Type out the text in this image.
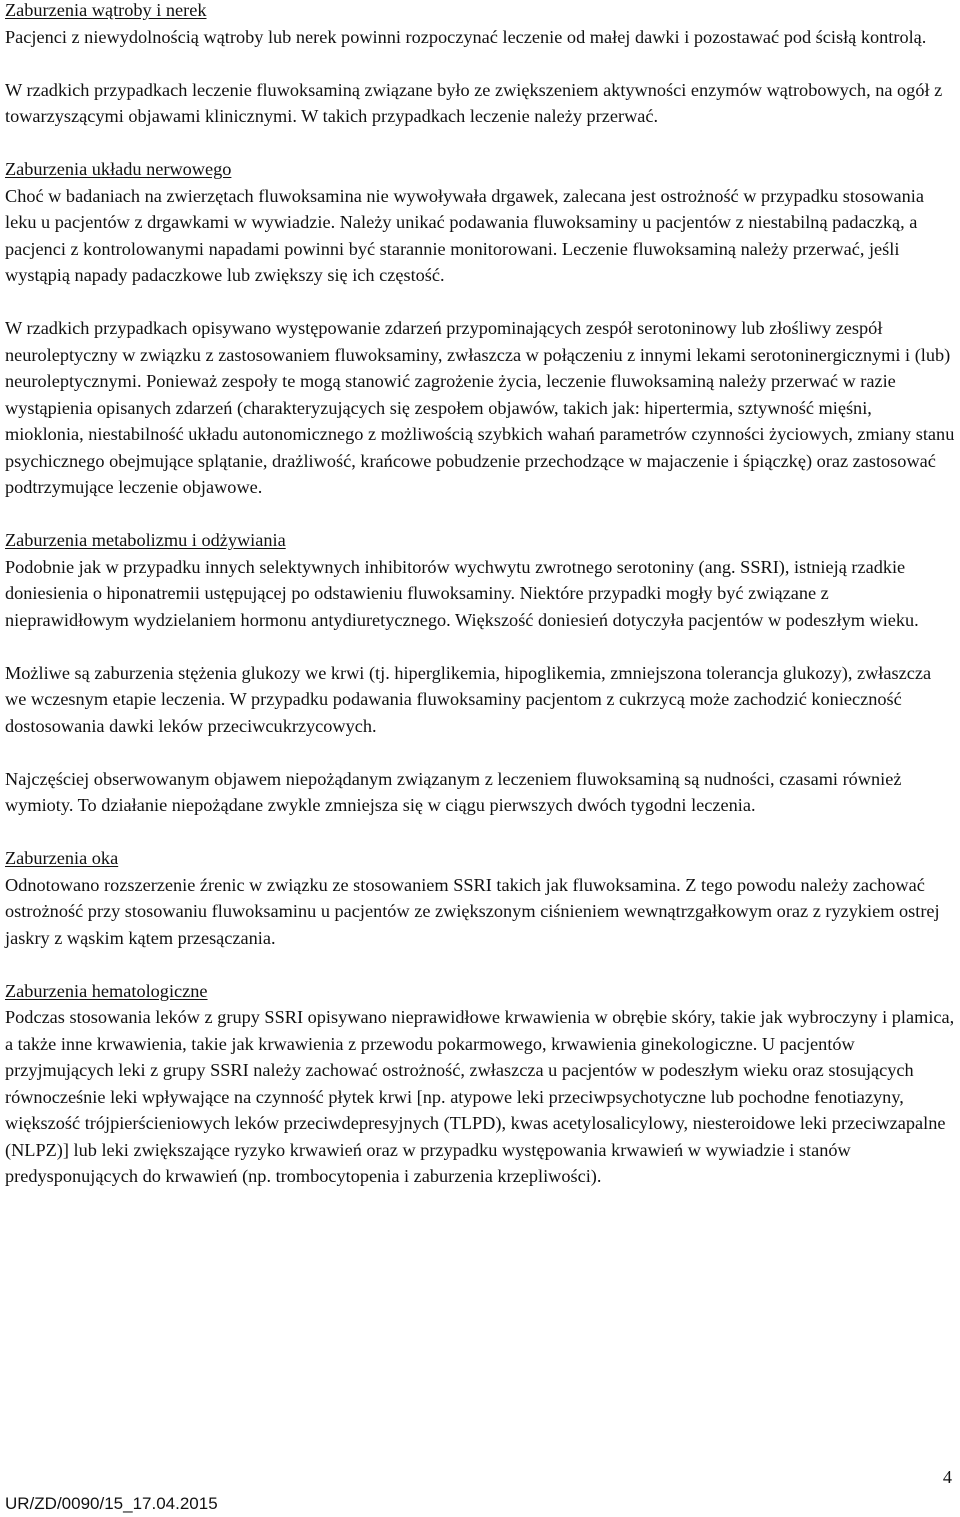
Zaburzenia wątroby i nerek

Pacjenci z niewydolnością wątroby lub nerek powinni rozpoczynać leczenie od małej dawki i pozostawać pod ścisłą kontrolą.

W rzadkich przypadkach leczenie fluwoksaminą związane było ze zwiększeniem aktywności enzymów wątrobowych, na ogół z towarzyszącymi objawami klinicznymi. W takich przypadkach leczenie należy przerwać.

Zaburzenia układu nerwowego

Choć w badaniach na zwierzętach fluwoksamina nie wywoływała drgawek, zalecana jest ostrożność w przypadku stosowania leku u pacjentów z drgawkami w wywiadzie. Należy unikać podawania fluwoksaminy u pacjentów z niestabilną padaczką, a pacjenci z kontrolowanymi napadami powinni być starannie monitorowani. Leczenie fluwoksaminą należy przerwać, jeśli wystąpią napady padaczkowe lub zwiększy się ich częstość.

W rzadkich przypadkach opisywano występowanie zdarzeń przypominających zespół serotoninowy lub złośliwy zespół neuroleptyczny w związku z zastosowaniem fluwoksaminy, zwłaszcza w połączeniu z innymi lekami serotoninergicznymi i (lub) neuroleptycznymi. Ponieważ zespoły te mogą stanowić zagrożenie życia, leczenie fluwoksaminą należy przerwać w razie wystąpienia opisanych zdarzeń (charakteryzujących się zespołem objawów, takich jak: hipertermia, sztywność mięśni, mioklonia, niestabilność układu autonomicznego z możliwością szybkich wahań parametrów czynności życiowych, zmiany stanu psychicznego obejmujące splątanie, drażliwość, krańcowe pobudzenie przechodzące w majaczenie i śpiączkę) oraz zastosować podtrzymujące leczenie objawowe.

Zaburzenia metabolizmu i odżywiania

Podobnie jak w przypadku innych selektywnych inhibitorów wychwytu zwrotnego serotoniny (ang. SSRI), istnieją rzadkie doniesienia o hiponatremii ustępującej po odstawieniu fluwoksaminy. Niektóre przypadki mogły być związane z nieprawidłowym wydzielaniem hormonu antydiuretycznego. Większość doniesień dotyczyła pacjentów w podeszłym wieku.

Możliwe są zaburzenia stężenia glukozy we krwi (tj. hiperglikemia, hipoglikemia, zmniejszona tolerancja glukozy), zwłaszcza we wczesnym etapie leczenia. W przypadku podawania fluwoksaminy pacjentom z cukrzycą może zachodzić konieczność dostosowania dawki leków przeciwcukrzycowych.

Najczęściej obserwowanym objawem niepożądanym związanym z leczeniem fluwoksaminą są nudności, czasami również wymioty. To działanie niepożądane zwykle zmniejsza się w ciągu pierwszych dwóch tygodni leczenia.

Zaburzenia oka

Odnotowano rozszerzenie źrenic w związku ze stosowaniem SSRI takich jak fluwoksamina. Z tego powodu należy zachować ostrożność przy stosowaniu fluwoksaminu u pacjentów ze zwiększonym ciśnieniem wewnątrzgałkowym oraz z ryzykiem ostrej jaskry z wąskim kątem przesączania.

Zaburzenia hematologiczne

Podczas stosowania leków z grupy SSRI opisywano nieprawidłowe krwawienia w obrębie skóry, takie jak wybroczyny i plamica, a także inne krwawienia, takie jak krwawienia z przewodu pokarmowego, krwawienia ginekologiczne. U pacjentów przyjmujących leki z grupy SSRI należy zachować ostrożność, zwłaszcza u pacjentów w podeszłym wieku oraz stosujących równocześnie leki wpływające na czynność płytek krwi [np. atypowe leki przeciwpsychotyczne lub pochodne fenotiazyny, większość trójpierścieniowych leków przeciwdepresyjnych (TLPD), kwas acetylosalicylowy, niesteroidowe leki przeciwzapalne (NLPZ)] lub leki zwiększające ryzyko krwawień oraz w przypadku występowania krwawień w wywiadzie i stanów predysponujących do krwawień (np. trombocytopenia i zaburzenia krzepliwości).

4
UR/ZD/0090/15_17.04.2015
